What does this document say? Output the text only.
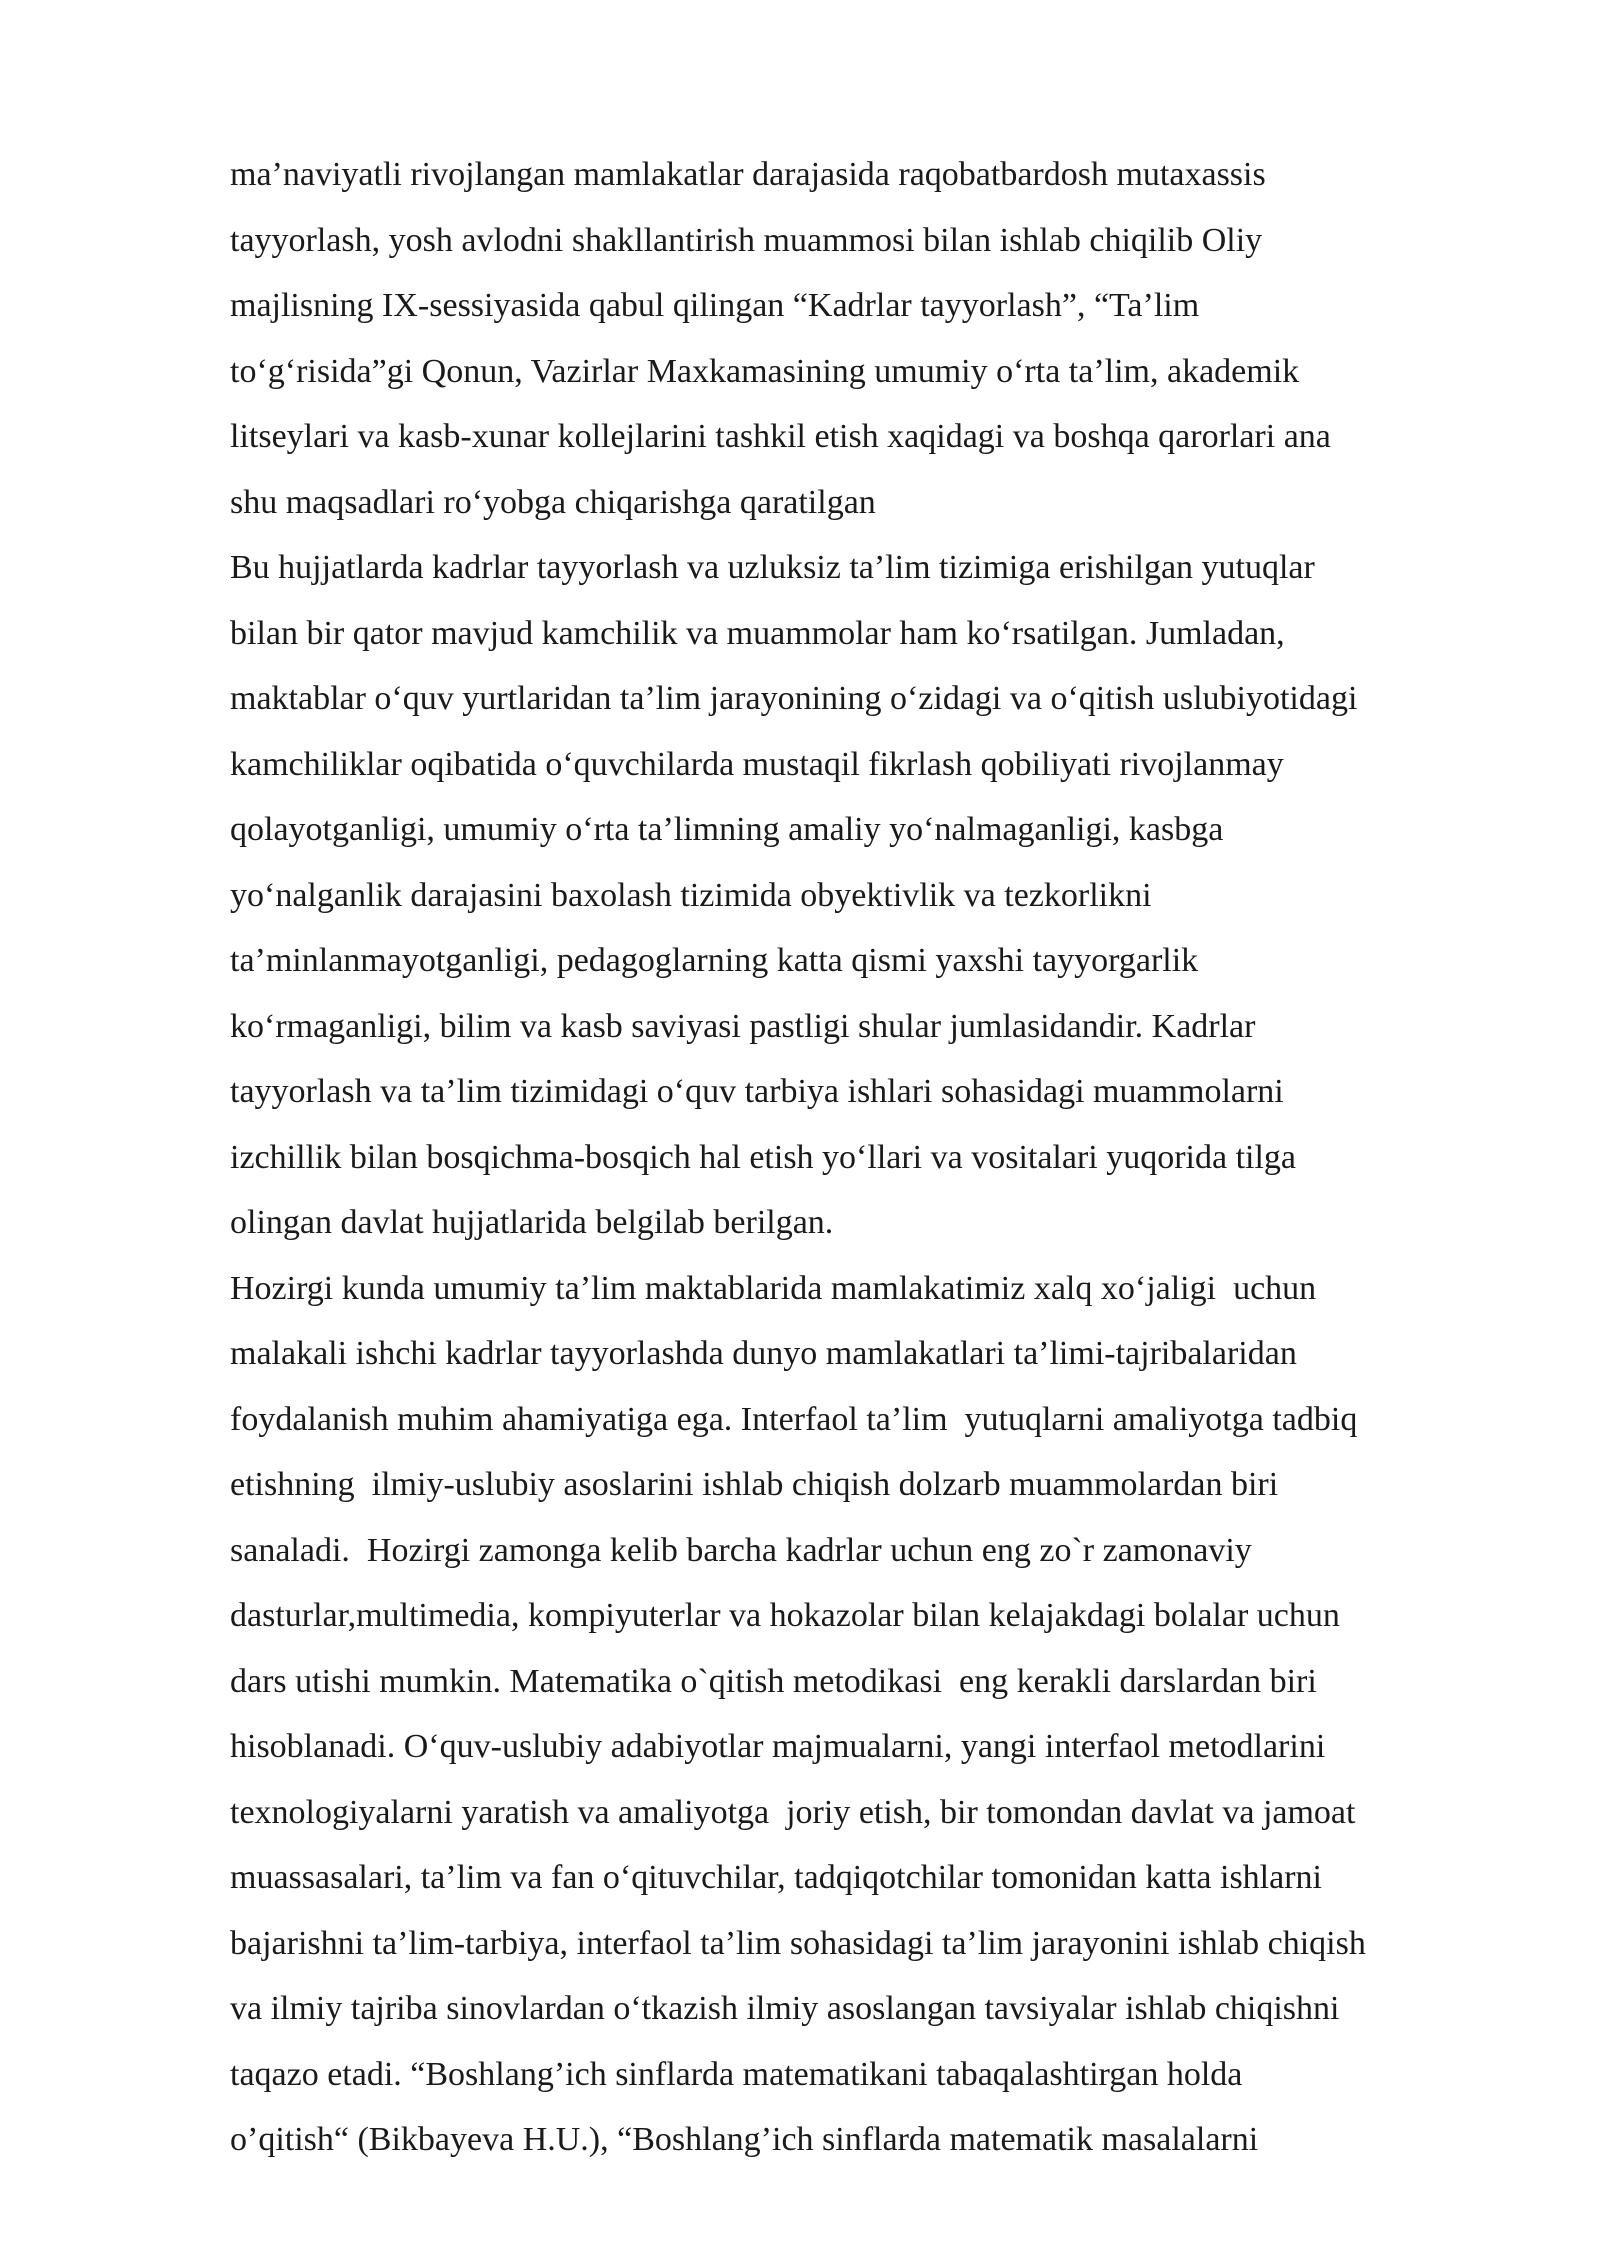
ma’naviyatli rivojlangan mamlakatlar darajasida raqobatbardosh mutaxassis
tayyorlash, yosh avlodni shakllantirish muammosi bilan ishlab chiqilib Oliy
majlisning IX-sessiyasida qabul qilingan “Kadrlar tayyorlash”, “Ta’lim
to‘g‘risida”gi Qonun, Vazirlar Maxkamasining umumiy o‘rta ta’lim, akademik
litseylari va kasb-xunar kollejlarini tashkil etish xaqidagi va boshqa qarorlari ana
shu maqsadlari ro‘yobga chiqarishga qaratilgan
Bu hujjatlarda kadrlar tayyorlash va uzluksiz ta’lim tizimiga erishilgan yutuqlar
bilan bir qator mavjud kamchilik va muammolar ham ko‘rsatilgan. Jumladan,
maktablar o‘quv yurtlaridan ta’lim jarayonining o‘zidagi va o‘qitish uslubiyotidagi
kamchiliklar oqibatida o‘quvchilarda mustaqil fikrlash qobiliyati rivojlanmay
qolayotganligi, umumiy o‘rta ta’limning amaliy yo‘nalmaganligi, kasbga
yo‘nalganlik darajasini baxolash tizimida obyektivlik va tezkorlikni
ta’minlanmayotganligi, pedagoglarning katta qismi yaxshi tayyorgarlik
ko‘rmaganligi, bilim va kasb saviyasi pastligi shular jumlasidandir. Kadrlar
tayyorlash va ta’lim tizimidagi o‘quv tarbiya ishlari sohasidagi muammolarni
izchillik bilan bosqichma-bosqich hal etish yo‘llari va vositalari yuqorida tilga
olingan davlat hujjatlarida belgilab berilgan.
Hozirgi kunda umumiy ta’lim maktablarida mamlakatimiz xalq xo‘jaligi  uchun
malakali ishchi kadrlar tayyorlashda dunyo mamlakatlari ta’limi-tajribalaridan
foydalanish muhim ahamiyatiga ega. Interfaol ta’lim  yutuqlarni amaliyotga tadbiq
etishning  ilmiy-uslubiy asoslarini ishlab chiqish dolzarb muammolardan biri
sanaladi.  Hozirgi zamonga kelib barcha kadrlar uchun eng zo`r zamonaviy
dasturlar,multimedia, kompiyuterlar va hokazolar bilan kelajakdagi bolalar uchun
dars utishi mumkin. Matematika o`qitish metodikasi  eng kerakli darslardan biri
hisoblanadi. O‘quv-uslubiy adabiyotlar majmualarni, yangi interfaol metodlarini
texnologiyalarni yaratish va amaliyotga  joriy etish, bir tomondan davlat va jamoat
muassasalari, ta’lim va fan o‘qituvchilar, tadqiqotchilar tomonidan katta ishlarni
bajarishni ta’lim-tarbiya, interfaol ta’lim sohasidagi ta’lim jarayonini ishlab chiqish
va ilmiy tajriba sinovlardan o‘tkazish ilmiy asoslangan tavsiyalar ishlab chiqishni
taqazo etadi. “Boshlang’ich sinflarda matematikani tabaqalashtirgan holda
o’qitish“ (Bikbayeva H.U.), “Boshlang’ich sinflarda matematik masalalarni
